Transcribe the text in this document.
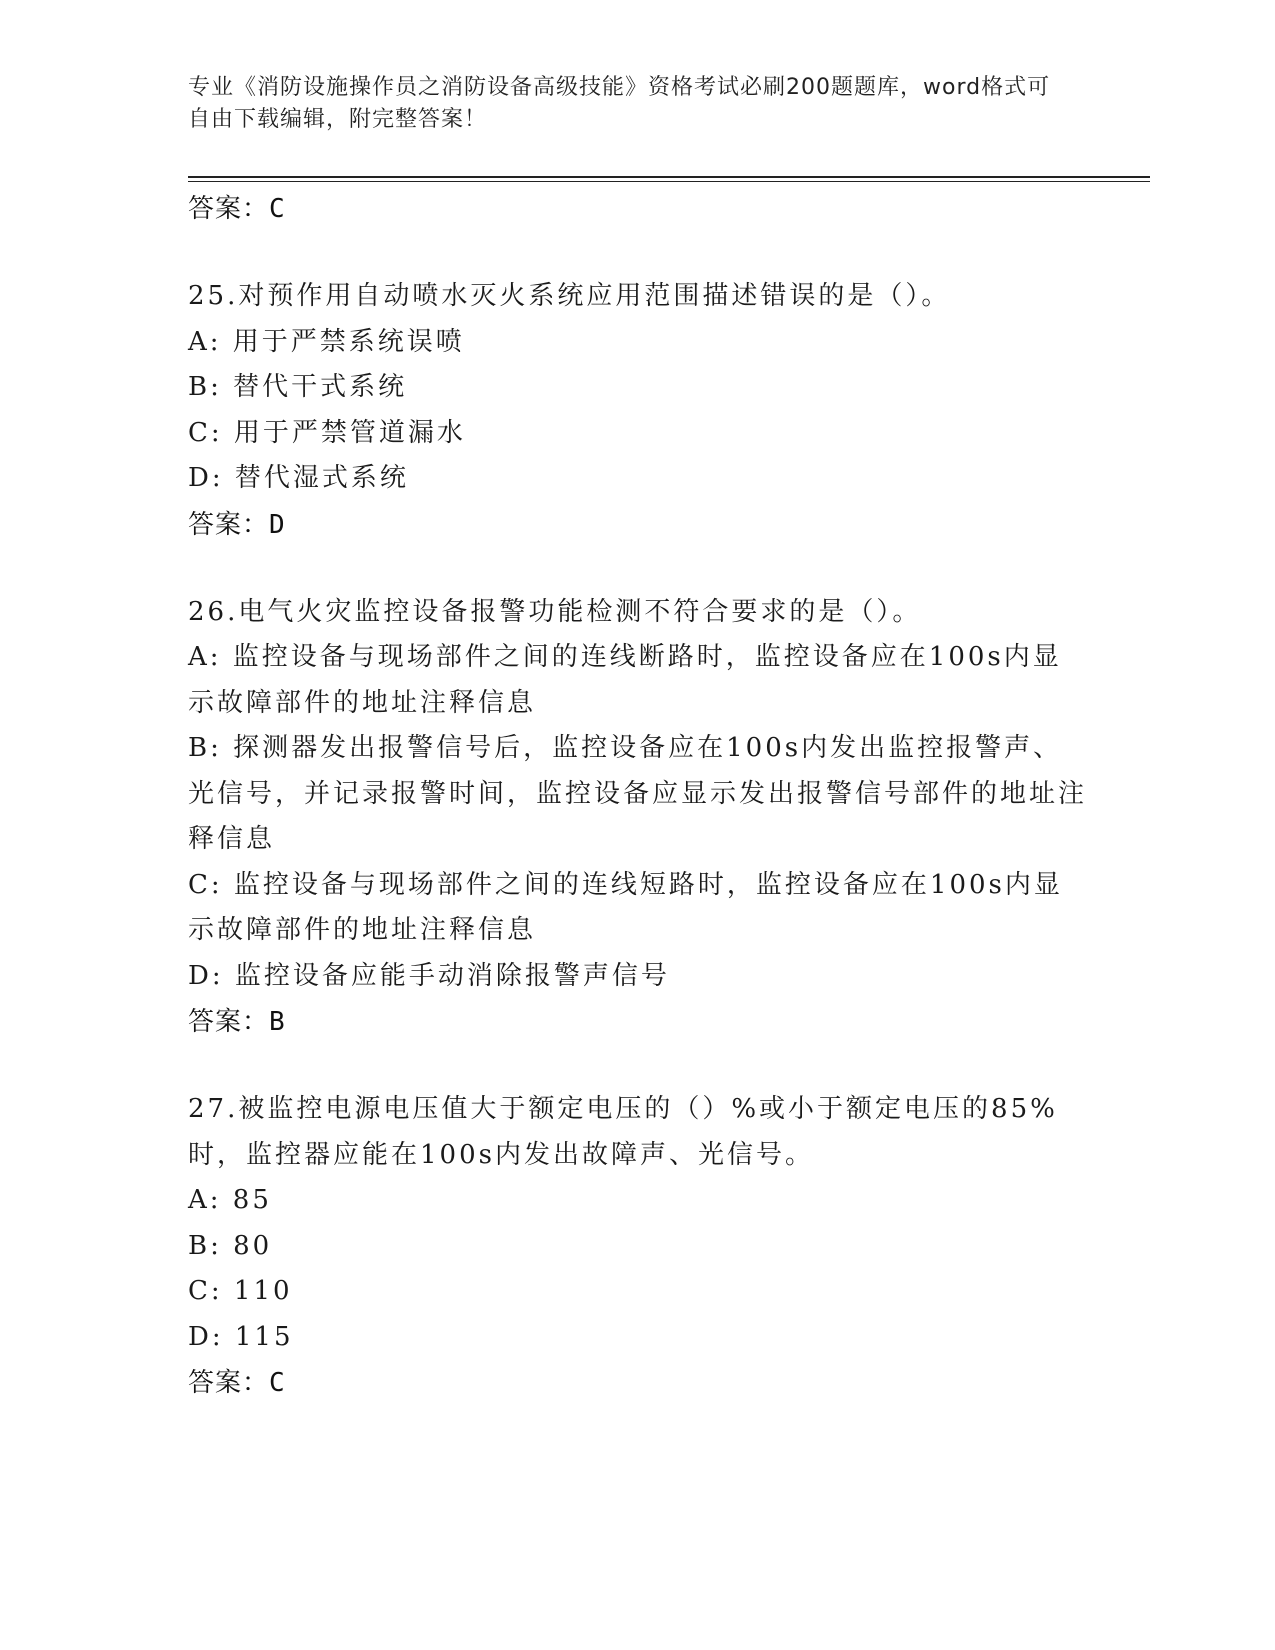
专业《消防设施操作员之消防设备高级技能》资格考试必刷200题题库，word格式可自由下载编辑，附完整答案！
答案：C
25.对预作用自动喷水灭火系统应用范围描述错误的是（）。
A: 用于严禁系统误喷
B: 替代干式系统
C: 用于严禁管道漏水
D: 替代湿式系统
答案：D
26.电气火灾监控设备报警功能检测不符合要求的是（）。
A: 监控设备与现场部件之间的连线断路时，监控设备应在100s内显示故障部件的地址注释信息
B: 探测器发出报警信号后，监控设备应在100s内发出监控报警声、光信号，并记录报警时间，监控设备应显示发出报警信号部件的地址注释信息
C: 监控设备与现场部件之间的连线短路时，监控设备应在100s内显示故障部件的地址注释信息
D: 监控设备应能手动消除报警声信号
答案：B
27.被监控电源电压值大于额定电压的（）%或小于额定电压的85%时，监控器应能在100s内发出故障声、光信号。
A: 85
B: 80
C: 110
D: 115
答案：C
